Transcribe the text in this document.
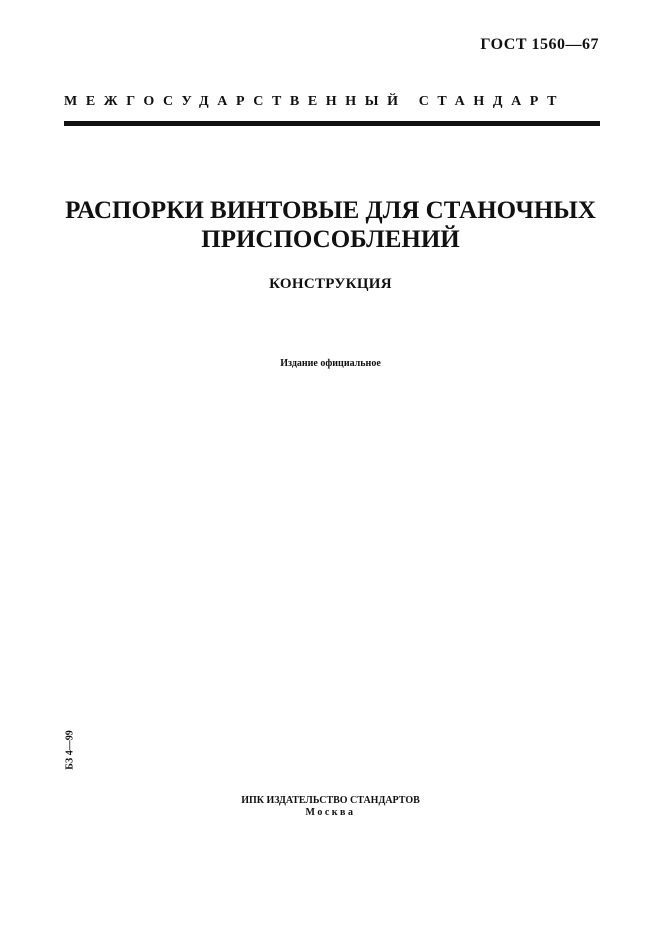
ГОСТ 1560—67
МЕЖГОСУДАРСТВЕННЫЙ СТАНДАРТ
РАСПОРКИ ВИНТОВЫЕ ДЛЯ СТАНОЧНЫХ
ПРИСПОСОБЛЕНИЙ
КОНСТРУКЦИЯ
Издание официальное
БЗ 4—99
ИПК ИЗДАТЕЛЬСТВО СТАНДАРТОВ
Москва
